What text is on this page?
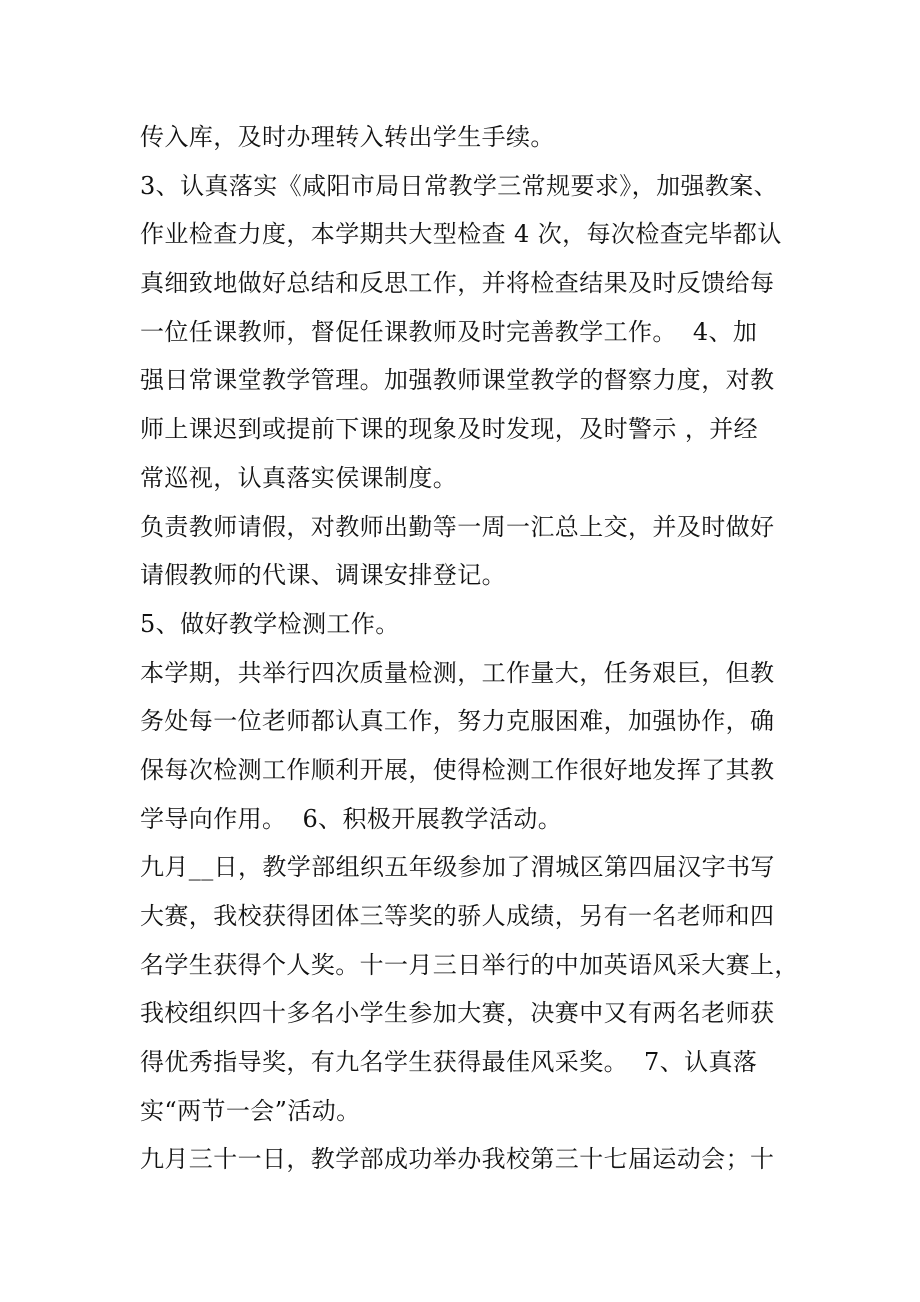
传入库，及时办理转入转出学生手续。
3、认真落实《咸阳市局日常教学三常规要求》，加强教案、
作业检查力度，本学期共大型检查 4 次，每次检查完毕都认
真细致地做好总结和反思工作，并将检查结果及时反馈给每
一位任课教师，督促任课教师及时完善教学工作。  4、加
强日常课堂教学管理。加强教师课堂教学的督察力度，对教
师上课迟到或提前下课的现象及时发现，及时警示 ，并经
常巡视，认真落实侯课制度。
负责教师请假，对教师出勤等一周一汇总上交，并及时做好
请假教师的代课、调课安排登记。
5、做好教学检测工作。
本学期，共举行四次质量检测，工作量大，任务艰巨，但教
务处每一位老师都认真工作，努力克服困难，加强协作，确
保每次检测工作顺利开展，使得检测工作很好地发挥了其教
学导向作用。  6、积极开展教学活动。
九月__日，教学部组织五年级参加了渭城区第四届汉字书写
大赛，我校获得团体三等奖的骄人成绩，另有一名老师和四
名学生获得个人奖。十一月三日举行的中加英语风采大赛上，
我校组织四十多名小学生参加大赛，决赛中又有两名老师获
得优秀指导奖，有九名学生获得最佳风采奖。  7、认真落
实“两节一会”活动。
九月三十一日，教学部成功举办我校第三十七届运动会；十
